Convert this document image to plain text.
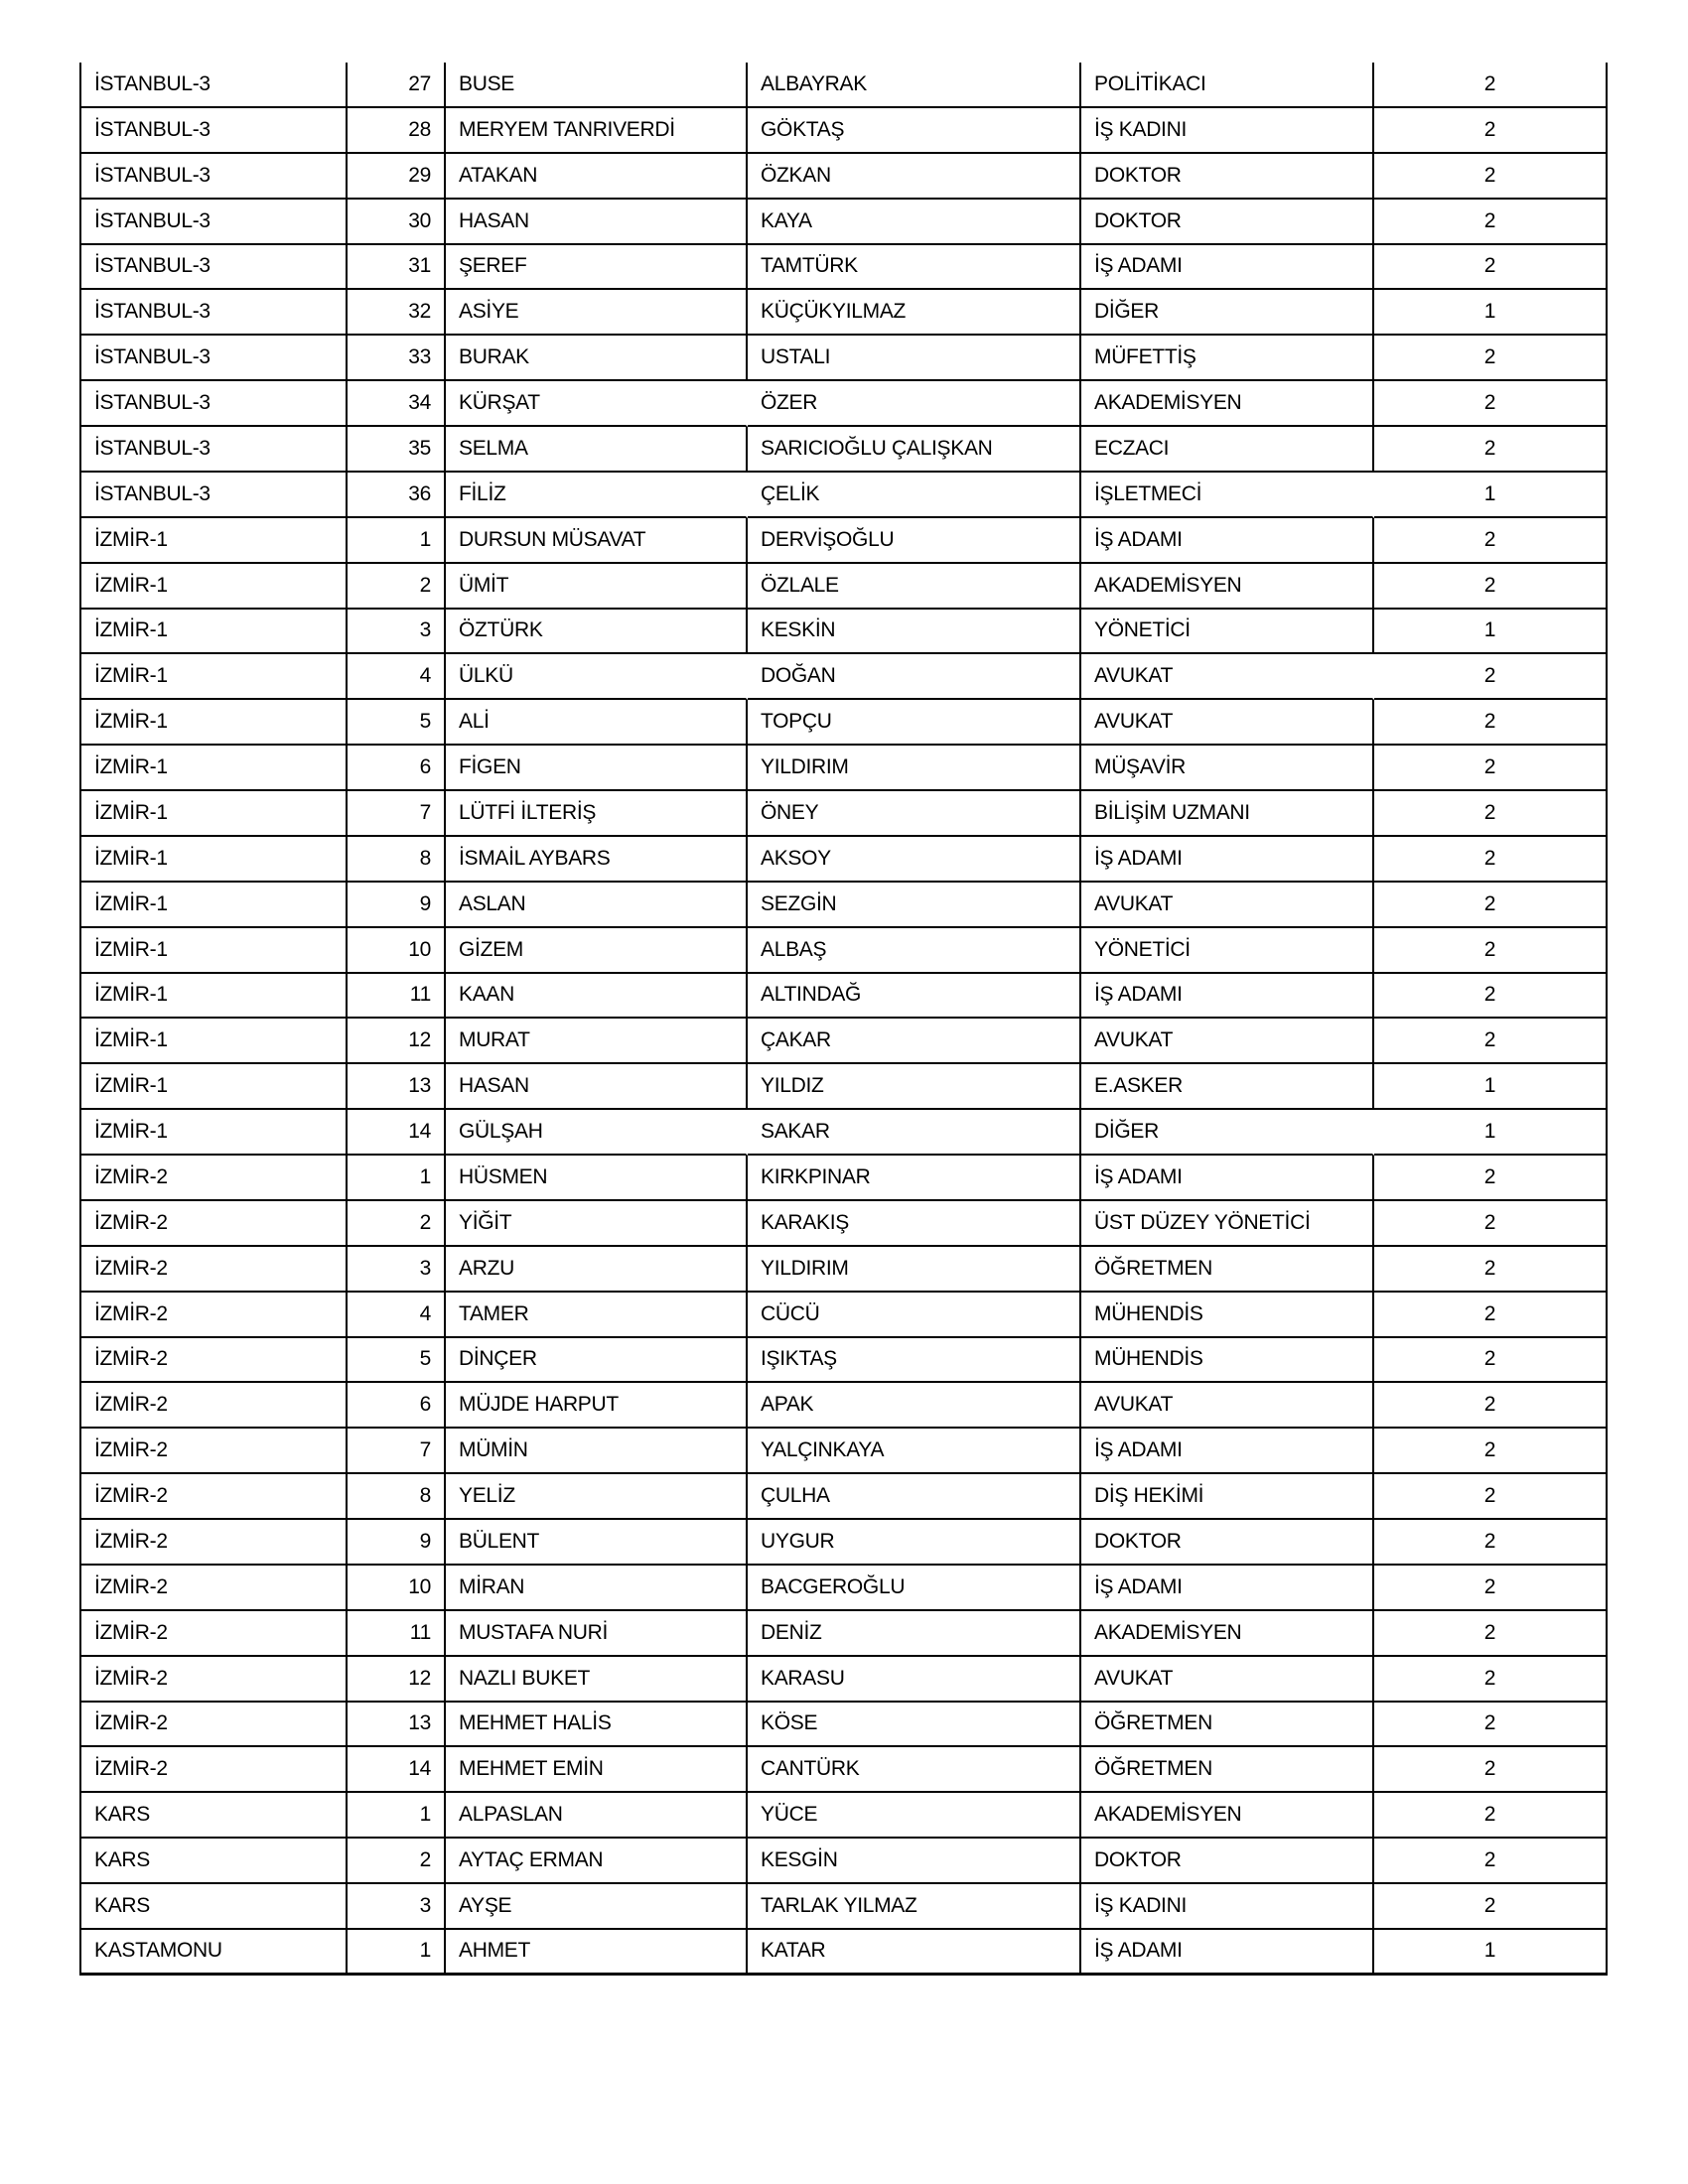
İSTANBUL-3	27	BUSE	ALBAYRAK	POLİTİKACI	2
İSTANBUL-3	28	MERYEM TANRIVERDİ	GÖKTAŞ	İŞ KADINI	2
İSTANBUL-3	29	ATAKAN	ÖZKAN	DOKTOR	2
İSTANBUL-3	30	HASAN	KAYA	DOKTOR	2
İSTANBUL-3	31	ŞEREF	TAMTÜRK	İŞ ADAMI	2
İSTANBUL-3	32	ASİYE	KÜÇÜKYILMAZ	DİĞER	1
İSTANBUL-3	33	BURAK	USTALI	MÜFETTİŞ	2
İSTANBUL-3	34	KÜRŞAT	ÖZER	AKADEMİSYEN	2
İSTANBUL-3	35	SELMA	SARICIOĞLU ÇALIŞKAN	ECZACI	2
İSTANBUL-3	36	FİLİZ	ÇELİK	İŞLETMECİ	1
İZMİR-1	1	DURSUN MÜSAVAT	DERVİŞOĞLU	İŞ ADAMI	2
İZMİR-1	2	ÜMİT	ÖZLALE	AKADEMİSYEN	2
İZMİR-1	3	ÖZTÜRK	KESKİN	YÖNETİCİ	1
İZMİR-1	4	ÜLKÜ	DOĞAN	AVUKAT	2
İZMİR-1	5	ALİ	TOPÇU	AVUKAT	2
İZMİR-1	6	FİGEN	YILDIRIM	MÜŞAVİR	2
İZMİR-1	7	LÜTFİ İLTERİŞ	ÖNEY	BİLİŞİM UZMANI	2
İZMİR-1	8	İSMAİL AYBARS	AKSOY	İŞ ADAMI	2
İZMİR-1	9	ASLAN	SEZGİN	AVUKAT	2
İZMİR-1	10	GİZEM	ALBAŞ	YÖNETİCİ	2
İZMİR-1	11	KAAN	ALTINDAĞ	İŞ ADAMI	2
İZMİR-1	12	MURAT	ÇAKAR	AVUKAT	2
İZMİR-1	13	HASAN	YILDIZ	E.ASKER	1
İZMİR-1	14	GÜLŞAH	SAKAR	DİĞER	1
İZMİR-2	1	HÜSMEN	KIRKPINAR	İŞ ADAMI	2
İZMİR-2	2	YİĞİT	KARAKIŞ	ÜST DÜZEY YÖNETİCİ	2
İZMİR-2	3	ARZU	YILDIRIM	ÖĞRETMEN	2
İZMİR-2	4	TAMER	CÜCÜ	MÜHENDİS	2
İZMİR-2	5	DİNÇER	IŞIKTAŞ	MÜHENDİS	2
İZMİR-2	6	MÜJDE HARPUT	APAK	AVUKAT	2
İZMİR-2	7	MÜMİN	YALÇINKAYA	İŞ ADAMI	2
İZMİR-2	8	YELİZ	ÇULHA	DİŞ HEKİMİ	2
İZMİR-2	9	BÜLENT	UYGUR	DOKTOR	2
İZMİR-2	10	MİRAN	BACGEROĞLU	İŞ ADAMI	2
İZMİR-2	11	MUSTAFA NURİ	DENİZ	AKADEMİSYEN	2
İZMİR-2	12	NAZLI BUKET	KARASU	AVUKAT	2
İZMİR-2	13	MEHMET HALİS	KÖSE	ÖĞRETMEN	2
İZMİR-2	14	MEHMET EMİN	CANTÜRK	ÖĞRETMEN	2
KARS	1	ALPASLAN	YÜCE	AKADEMİSYEN	2
KARS	2	AYTAÇ ERMAN	KESGİN	DOKTOR	2
KARS	3	AYŞE	TARLAK YILMAZ	İŞ KADINI	2
KASTAMONU	1	AHMET	KATAR	İŞ ADAMI	1
